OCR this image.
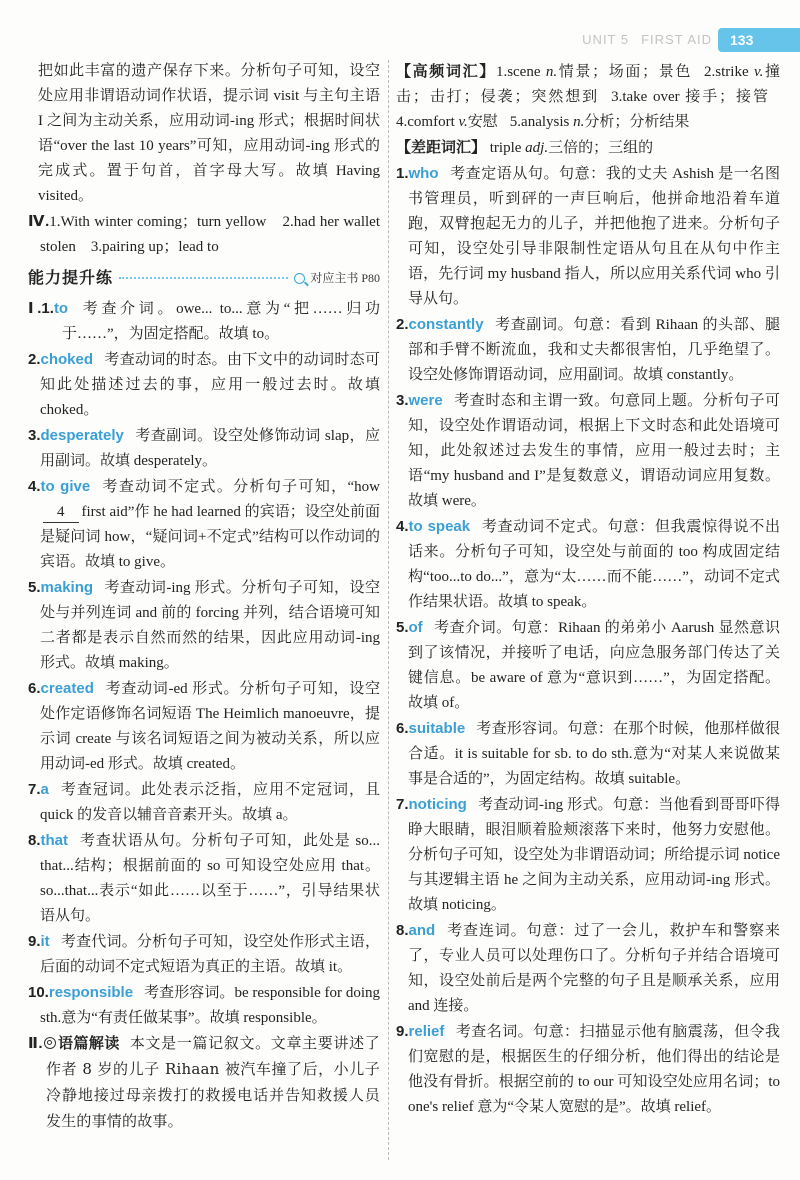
UNIT 5 FIRST AID	133

把如此丰富的遗产保存下来。分析句子可知，设空处应用非谓语动词作状语，提示词 visit 与主句主语 I 之间为主动关系，应用动词-ing 形式；根据时间状语“over the last 10 years”可知，应用动词-ing 形式的完成式。置于句首，首字母大写。故填 Having visited。

Ⅳ.1.With winter coming；turn yellow　2.had her wallet stolen　3.pairing up；lead to

能力提升练	对应主书 P80

Ⅰ.1.to 考查介词。owe... to...意为“把……归功于……”，为固定搭配。故填 to。

2.choked 考查动词的时态。由下文中的动词时态可知此处描述过去的事，应用一般过去时。故填 choked。

3.desperately 考查副词。设空处修饰动词 slap，应用副词。故填 desperately。

4.to give 考查动词不定式。分析句子可知，“how4 first aid”作 he had learned 的宾语；设空处前面是疑问词 how，“疑问词+不定式”结构可以作动词的宾语。故填 to give。

5.making 考查动词-ing 形式。分析句子可知，设空处与并列连词 and 前的 forcing 并列，结合语境可知二者都是表示自然而然的结果，因此应用动词-ing 形式。故填 making。

6.created 考查动词-ed 形式。分析句子可知，设空处作定语修饰名词短语 The Heimlich manoeuvre，提示词 create 与该名词短语之间为被动关系，所以应用动词-ed 形式。故填 created。

7.a 考查冠词。此处表示泛指，应用不定冠词，且 quick 的发音以辅音音素开头。故填 a。

8.that 考查状语从句。分析句子可知，此处是 so... that...结构；根据前面的 so 可知设空处应用 that。so...that...表示“如此……以至于……”，引导结果状语从句。

9.it 考查代词。分析句子可知，设空处作形式主语，后面的动词不定式短语为真正的主语。故填 it。

10.responsible 考查形容词。be responsible for doing sth.意为“有责任做某事”。故填 responsible。

Ⅱ. 语篇解读 本文是一篇记叙文。文章主要讲述了作者 8 岁的儿子 Rihaan 被汽车撞了后，小儿子冷静地接过母亲拨打的救援电话并告知救援人员发生的事情的故事。

【高频词汇】1.scene n.情景；场面；景色 2.strike v.撞击；击打；侵袭；突然想到 3.take over 接手；接管4.comfort v.安慰 5.analysis n.分析；分析结果

【差距词汇】 triple adj.三倍的；三组的

1.who 考查定语从句。句意：我的丈夫 Ashish 是一名图书管理员，听到砰的一声巨响后，他拼命地沿着车道跑，双臂抱起无力的儿子，并把他抱了进来。分析句子可知，设空处引导非限制性定语从句且在从句中作主语，先行词 my husband 指人，所以应用关系代词 who 引导从句。

2.constantly 考查副词。句意：看到 Rihaan 的头部、腿部和手臂不断流血，我和丈夫都很害怕，几乎绝望了。设空处修饰谓语动词，应用副词。故填 constantly。

3.were 考查时态和主谓一致。句意同上题。分析句子可知，设空处作谓语动词，根据上下文时态和此处语境可知，此处叙述过去发生的事情，应用一般过去时；主语“my husband and I”是复数意义，谓语动词应用复数。故填 were。

4.to speak 考查动词不定式。句意：但我震惊得说不出话来。分析句子可知，设空处与前面的 too 构成固定结构“too...to do...”，意为“太……而不能……”，动词不定式作结果状语。故填 to speak。

5.of 考查介词。句意：Rihaan 的弟弟小 Aarush 显然意识到了该情况，并接听了电话，向应急服务部门传达了关键信息。be aware of 意为“意识到……”，为固定搭配。故填 of。

6.suitable 考查形容词。句意：在那个时候，他那样做很合适。it is suitable for sb. to do sth.意为“对某人来说做某事是合适的”，为固定结构。故填 suitable。

7.noticing 考查动词-ing 形式。句意：当他看到哥哥吓得睁大眼睛，眼泪顺着脸颊滚落下来时，他努力安慰他。分析句子可知，设空处为非谓语动词；所给提示词 notice 与其逻辑主语 he 之间为主动关系，应用动词-ing 形式。故填 noticing。

8.and 考查连词。句意：过了一会儿，救护车和警察来了，专业人员可以处理伤口了。分析句子并结合语境可知，设空处前后是两个完整的句子且是顺承关系，应用 and 连接。

9.relief 考查名词。句意：扫描显示他有脑震荡，但令我们宽慰的是，根据医生的仔细分析，他们得出的结论是他没有骨折。根据空前的 to our 可知设空处应用名词；to one's relief 意为“令某人宽慰的是”。故填 relief。
